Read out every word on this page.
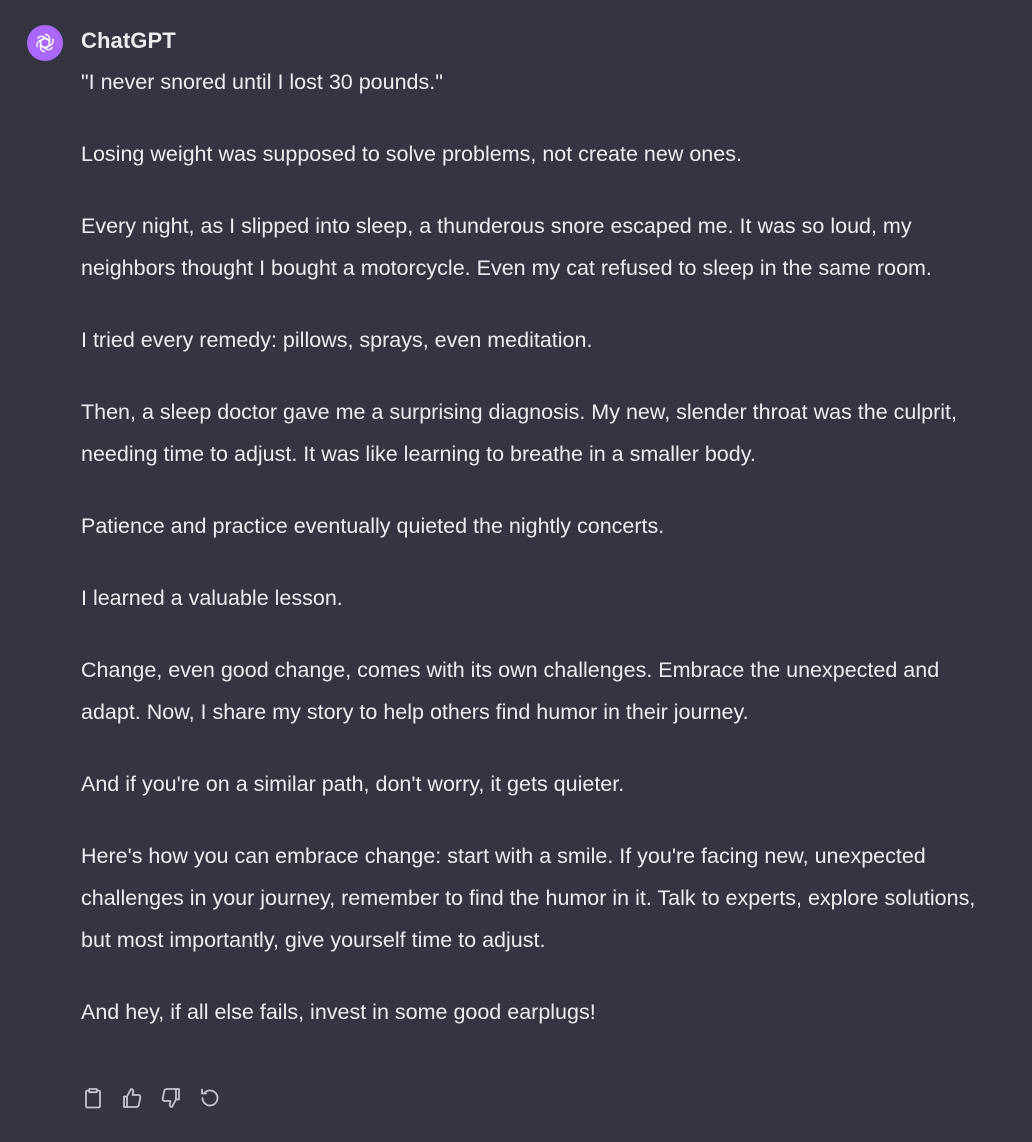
ChatGPT

"I never snored until I lost 30 pounds."

Losing weight was supposed to solve problems, not create new ones.

Every night, as I slipped into sleep, a thunderous snore escaped me. It was so loud, my neighbors thought I bought a motorcycle. Even my cat refused to sleep in the same room.

I tried every remedy: pillows, sprays, even meditation.

Then, a sleep doctor gave me a surprising diagnosis. My new, slender throat was the culprit, needing time to adjust. It was like learning to breathe in a smaller body.

Patience and practice eventually quieted the nightly concerts.

I learned a valuable lesson.

Change, even good change, comes with its own challenges. Embrace the unexpected and adapt. Now, I share my story to help others find humor in their journey.

And if you're on a similar path, don't worry, it gets quieter.

Here's how you can embrace change: start with a smile. If you're facing new, unexpected challenges in your journey, remember to find the humor in it. Talk to experts, explore solutions, but most importantly, give yourself time to adjust.

And hey, if all else fails, invest in some good earplugs!
